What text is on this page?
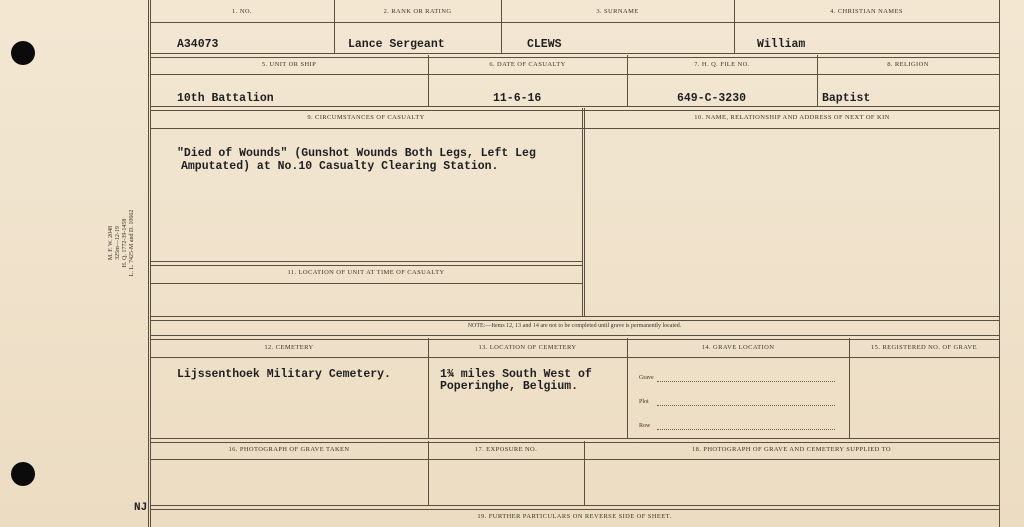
M. F. W. 2048 325m—12-19 H. Q. 1772-39-1458 L. L. 7425-M and D. 10662
NJ
1. NO.	2. RANK OR RATING	3. SURNAME	4. CHRISTIAN NAMES
A34073	Lance Sergeant	CLEWS	William
5. UNIT OR SHIP	6. DATE OF CASUALTY	7. H. Q. FILE NO.	8. RELIGION
10th Battalion	11-6-16	649-C-3230	Baptist
9. CIRCUMSTANCES OF CASUALTY	10. NAME, RELATIONSHIP AND ADDRESS OF NEXT OF KIN
"Died of Wounds" (Gunshot Wounds Both Legs, Left Leg
Amputated) at No.10 Casualty Clearing Station.
11. LOCATION OF UNIT AT TIME OF CASUALTY
NOTE:—Items 12, 13 and 14 are not to be completed until grave is permanently located.
12. CEMETERY	13. LOCATION OF CEMETERY	14. GRAVE LOCATION	15. REGISTERED NO. OF GRAVE
Lijssenthoek Military Cemetery.	1¾ miles South West of
Poperinghe, Belgium.
Grave
Plot
Row
16. PHOTOGRAPH OF GRAVE TAKEN	17. EXPOSURE NO.	18. PHOTOGRAPH OF GRAVE AND CEMETERY SUPPLIED TO
19. FURTHER PARTICULARS ON REVERSE SIDE OF SHEET.
